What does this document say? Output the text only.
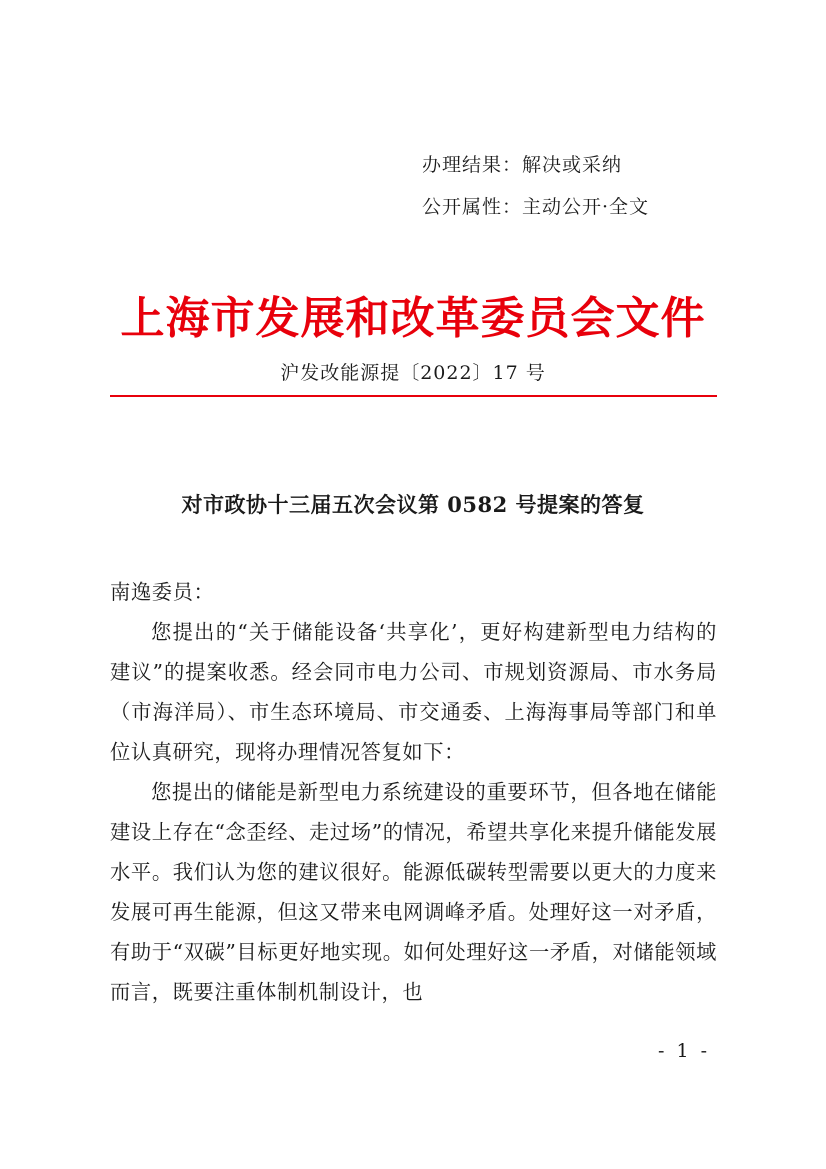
办理结果：解决或采纳
公开属性：主动公开·全文
上海市发展和改革委员会文件
沪发改能源提〔2022〕17 号
对市政协十三届五次会议第 0582 号提案的答复

南逸委员：

您提出的“关于储能设备‘共享化’，更好构建新型电力结构的建议”的提案收悉。经会同市电力公司、市规划资源局、市水务局（市海洋局）、市生态环境局、市交通委、上海海事局等部门和单位认真研究，现将办理情况答复如下：

您提出的储能是新型电力系统建设的重要环节，但各地在储能建设上存在“念歪经、走过场”的情况，希望共享化来提升储能发展水平。我们认为您的建议很好。能源低碳转型需要以更大的力度来发展可再生能源，但这又带来电网调峰矛盾。处理好这一对矛盾，有助于“双碳”目标更好地实现。如何处理好这一矛盾，对储能领域而言，既要注重体制机制设计，也

- 1 -
